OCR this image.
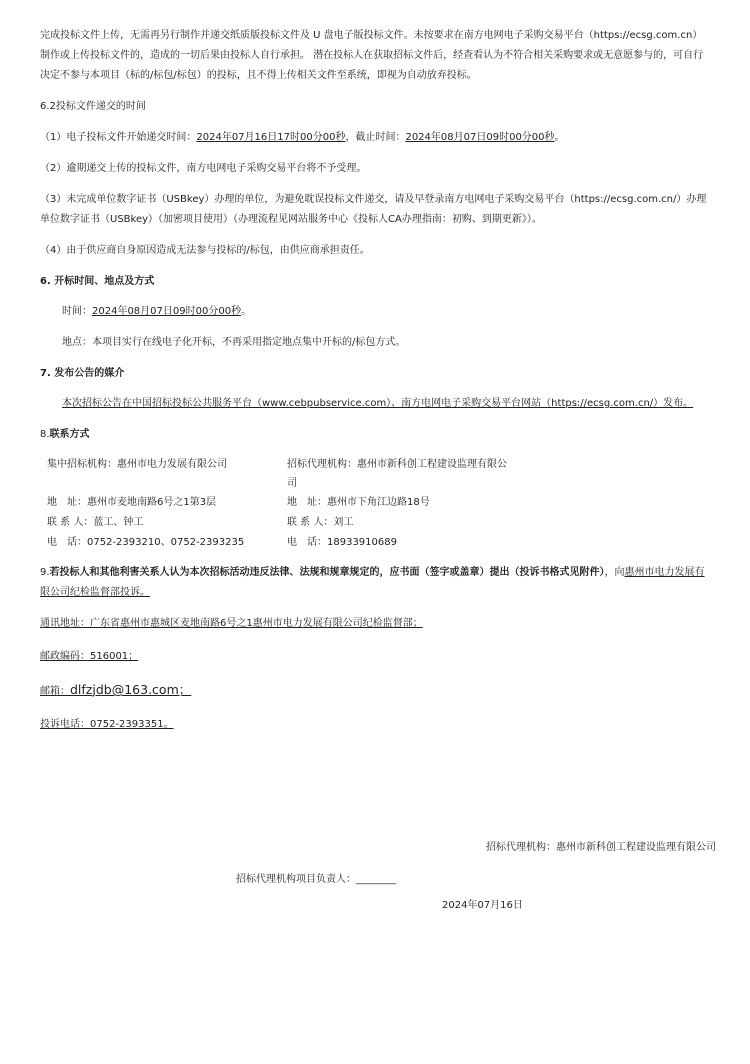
完成投标文件上传，无需再另行制作并递交纸质版投标文件及 U 盘电子版投标文件。未按要求在南方电网电子采购交易平台（https://ecsg.com.cn）制作或上传投标文件的，造成的一切后果由投标人自行承担。 潜在投标人在获取招标文件后，经查看认为不符合相关采购要求或无意愿参与的，可自行决定不参与本项目（标的/标包/标包）的投标，且不得上传相关文件至系统，即视为自动放弃投标。

6.2投标文件递交的时间

（1）电子投标文件开始递交时间：2024年07月16日17时00分00秒，截止时间：2024年08月07日09时00分00秒。

（2）逾期递交上传的投标文件，南方电网电子采购交易平台将不予受理。

（3）未完成单位数字证书（USBkey）办理的单位，为避免耽误投标文件递交，请及早登录南方电网电子采购交易平台（https://ecsg.com.cn/）办理单位数字证书（USBkey）（加密项目使用）（办理流程见网站服务中心《投标人CA办理指南：初购、到期更新》）。

（4）由于供应商自身原因造成无法参与投标的/标包，由供应商承担责任。

6. 开标时间、地点及方式

时间：2024年08月07日09时00分00秒。

地点：本项目实行在线电子化开标，不再采用指定地点集中开标的/标包方式。

7. 发布公告的媒介

本次招标公告在中国招标投标公共服务平台（www.cebpubservice.com）、南方电网电子采购交易平台网站（https://ecsg.com.cn/）发布。

8.联系方式

集中招标机构：惠州市电力发展有限公司	招标代理机构：惠州市新科创工程建设监理有限公司

地　址：惠州市麦地南路6号之1第3层	地　址：惠州市下角江边路18号

联 系 人：蓝工、钟工	联 系 人：刘工

电　话：0752-2393210、0752-2393235	电　话：18933910689

9.若投标人和其他利害关系人认为本次招标活动违反法律、法规和规章规定的，应书面（签字或盖章）提出（投诉书格式见附件），向惠州市电力发展有限公司纪检监督部投诉。

通讯地址：广东省惠州市惠城区麦地南路6号之1惠州市电力发展有限公司纪检监督部；

邮政编码：516001；

邮箱：dlfzjdb@163.com；

投诉电话：0752-2393351。

招标代理机构：惠州市新科创工程建设监理有限公司

招标代理机构项目负责人：________

2024年07月16日
